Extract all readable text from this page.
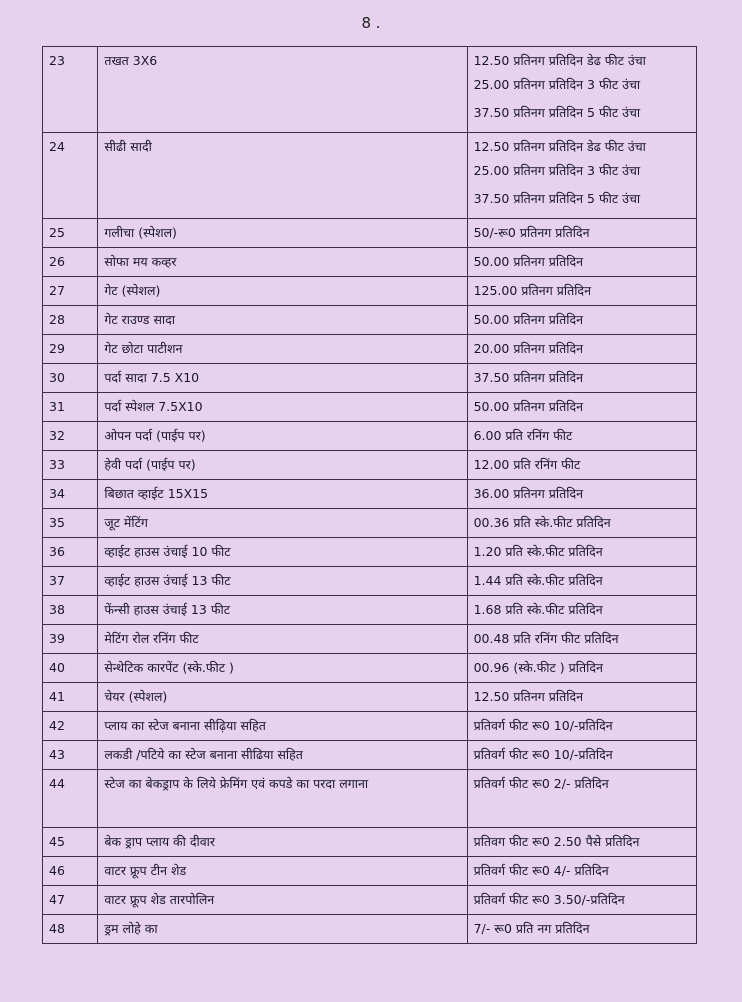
8 .
23	तखत 3X6	12.50 प्रतिनग प्रतिदिन डेढ फीट उंचा
25.00 प्रतिनग प्रतिदिन 3 फीट उंचा
37.50 प्रतिनग प्रतिदिन 5 फीट उंचा

24	सीढी सादी	12.50 प्रतिनग प्रतिदिन डेढ फीट उंचा
25.00 प्रतिनग प्रतिदिन 3 फीट उंचा
37.50 प्रतिनग प्रतिदिन 5 फीट उंचा

25	गलीचा (स्पेशल)	50/-रू0 प्रतिनग प्रतिदिन

26	सोफा मय कव्हर	50.00 प्रतिनग प्रतिदिन

27	गेट (स्पेशल)	125.00 प्रतिनग प्रतिदिन

28	गेट राउण्ड सादा	50.00 प्रतिनग प्रतिदिन

29	गेट छोटा पाटीशन	20.00 प्रतिनग प्रतिदिन

30	पर्दा सादा 7.5 X10	37.50 प्रतिनग प्रतिदिन

31	पर्दा स्पेशल 7.5X10	50.00 प्रतिनग प्रतिदिन

32	ओपन पर्दा (पाईप पर)	6.00 प्रति रनिंग फीट

33	हेवी पर्दा (पाईप पर)	12.00 प्रति रनिंग फीट

34	बिछात व्हाईट 15X15	36.00 प्रतिनग प्रतिदिन

35	जूट मेंटिंग	00.36 प्रति स्के.फीट प्रतिदिन

36	व्हाईट हाउस उंचाई 10 फीट	1.20 प्रति स्के.फीट प्रतिदिन

37	व्हाईट हाउस उंचाई 13 फीट	1.44 प्रति स्के.फीट प्रतिदिन

38	फेंन्सी हाउस उंचाई 13 फीट	1.68 प्रति स्के.फीट प्रतिदिन

39	मेटिंग रोल रनिंग फीट	00.48 प्रति रनिंग फीट प्रतिदिन

40	सेन्थेटिक कारपेंट (स्के.फीट )	00.96 (स्के.फीट ) प्रतिदिन

41	चेयर (स्पेशल)	12.50 प्रतिनग प्रतिदिन

42	प्लाय का स्टेज बनाना सीढ़िया सहित	प्रतिवर्ग फीट रू0 10/-प्रतिदिन

43	लकडी /पटिये का स्टेज बनाना सीढिया सहित	प्रतिवर्ग फीट रू0 10/-प्रतिदिन

44	स्टेज का बेकड्राप के लिये फ्रेमिंग एवं कपडे का परदा लगाना	प्रतिवर्ग फीट रू0 2/- प्रतिदिन

45	बेक ड्राप प्लाय की दीवार	प्रतिवग फीट रू0 2.50 पैसे प्रतिदिन

46	वाटर फ्रूप टीन शेड	प्रतिवर्ग फीट रू0 4/- प्रतिदिन

47	वाटर फ्रूप शेड तारपोलिन	प्रतिवर्ग फीट रू0 3.50/-प्रतिदिन

48	ड्रम लोहे का	7/- रू0 प्रति नग प्रतिदिन
